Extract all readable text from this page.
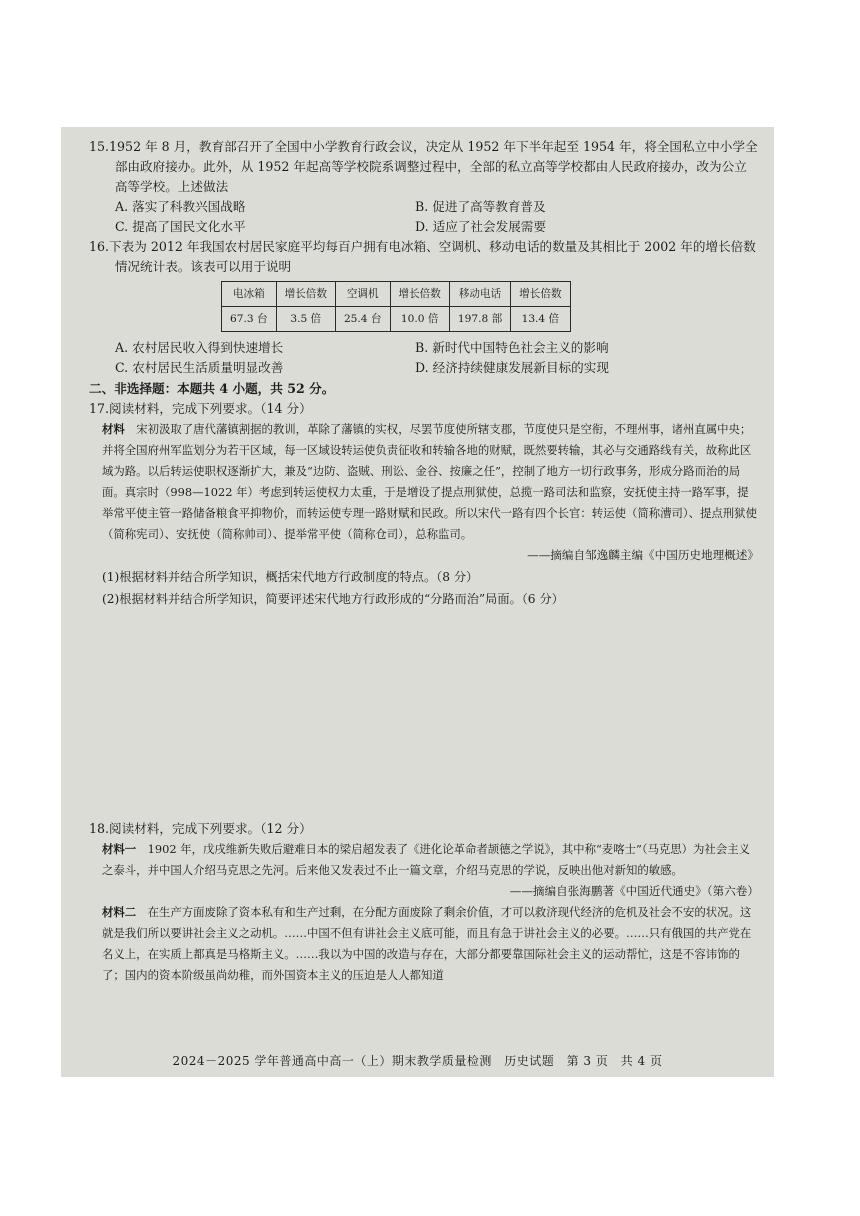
15.1952 年 8 月，教育部召开了全国中小学教育行政会议，决定从 1952 年下半年起至 1954 年，将全国私立中小学全部由政府接办。此外，从 1952 年起高等学校院系调整过程中，全部的私立高等学校都由人民政府接办，改为公立高等学校。上述做法

A. 落实了科教兴国战略	B. 促进了高等教育普及
C. 提高了国民文化水平	D. 适应了社会发展需要

16.下表为 2012 年我国农村居民家庭平均每百户拥有电冰箱、空调机、移动电话的数量及其相比于 2002 年的增长倍数情况统计表。该表可以用于说明

电冰箱	增长倍数	空调机	增长倍数	移动电话	增长倍数
67.3 台	3.5 倍	25.4 台	10.0 倍	197.8 部	13.4 倍
A. 农村居民收入得到快速增长	B. 新时代中国特色社会主义的影响
C. 农村居民生活质量明显改善	D. 经济持续健康发展新目标的实现

二、非选择题：本题共 4 小题，共 52 分。

17.阅读材料，完成下列要求。（14 分）

材料　 宋初汲取了唐代藩镇割据的教训，革除了藩镇的实权，尽罢节度使所辖支郡，节度使只是空衔，不理州事，诸州直属中央；并将全国府州军监划分为若干区域，每一区域设转运使负责征收和转输各地的财赋，既然要转输，其必与交通路线有关，故称此区域为路。以后转运使职权逐渐扩大，兼及“边防、盗贼、刑讼、金谷、按廉之任”，控制了地方一切行政事务，形成分路而治的局面。真宗时（998—1022 年）考虑到转运使权力太重，于是增设了提点刑狱使，总揽一路司法和监察，安抚使主持一路军事，提举常平使主管一路储备粮食平抑物价，而转运使专理一路财赋和民政。所以宋代一路有四个长官：转运使（简称漕司）、提点刑狱使（简称宪司）、安抚使（简称帅司）、提举常平使（简称仓司），总称监司。

——摘编自邹逸麟主编《中国历史地理概述》

(1)根据材料并结合所学知识，概括宋代地方行政制度的特点。（8 分）

(2)根据材料并结合所学知识，简要评述宋代地方行政形成的“分路而治”局面。（6 分）

18.阅读材料，完成下列要求。（12 分）

材料一　 1902 年，戊戌维新失败后避难日本的梁启超发表了《进化论革命者颉德之学说》，其中称“麦喀士”（马克思）为社会主义之泰斗，并中国人介绍马克思之先河。后来他又发表过不止一篇文章，介绍马克思的学说，反映出他对新知的敏感。

——摘编自张海鹏著《中国近代通史》（第六卷）

材料二　 在生产方面废除了资本私有和生产过剩，在分配方面废除了剩余价值，才可以救济现代经济的危机及社会不安的状况。这就是我们所以要讲社会主义之动机。……中国不但有讲社会主义底可能，而且有急于讲社会主义的必要。……只有俄国的共产党在名义上，在实质上都真是马格斯主义。……我以为中国的改造与存在，大部分都要靠国际社会主义的运动帮忙，这是不容讳饰的了；国内的资本阶级虽尚幼稚，而外国资本主义的压迫是人人都知道

2024－2025 学年普通高中高一（上）期末教学质量检测 历史试题 第 3 页 共 4 页
